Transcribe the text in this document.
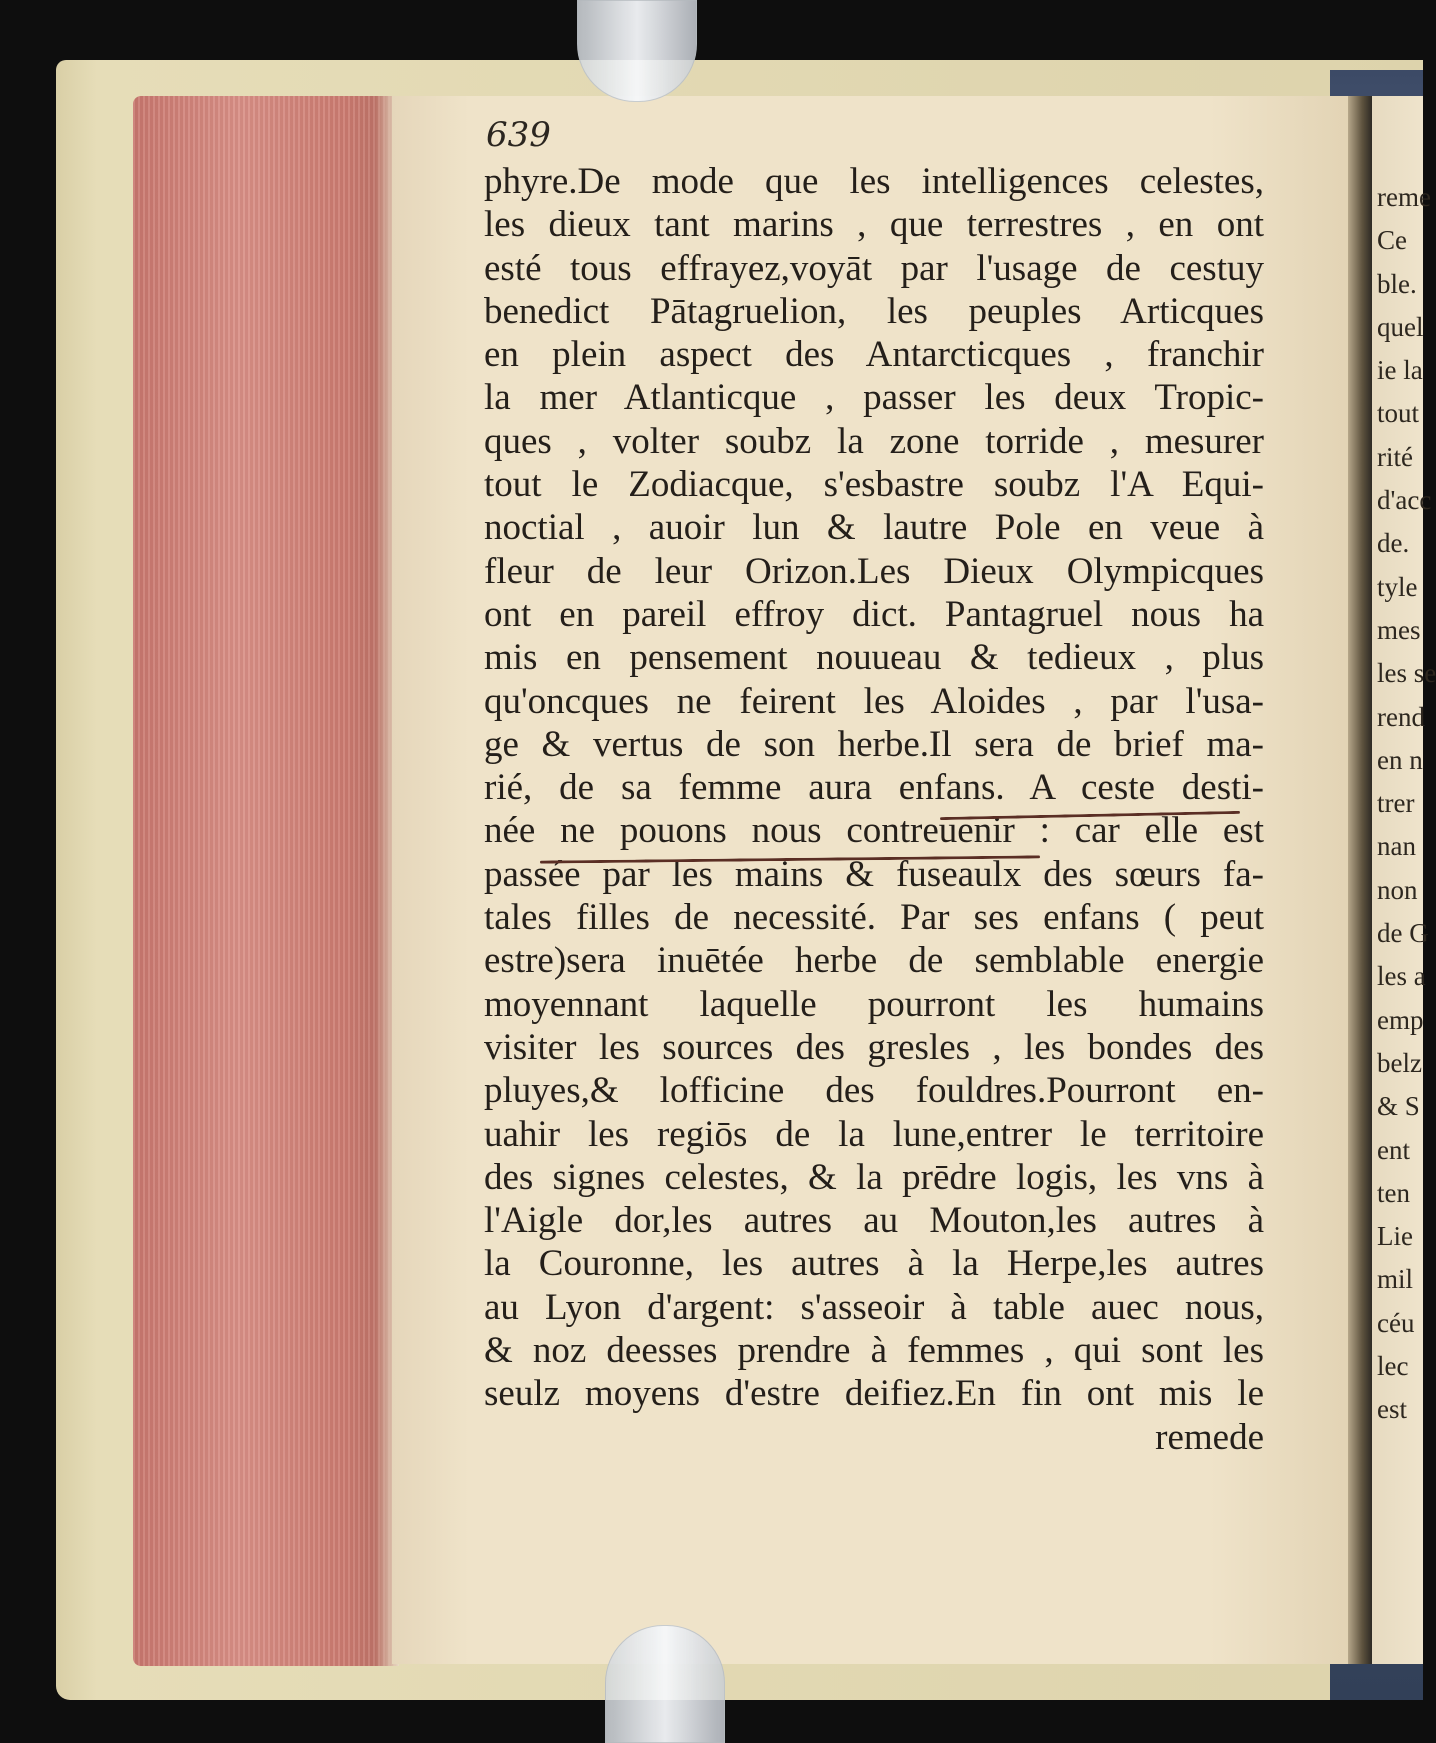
639
phyre.De mode que les intelligences celestes,
les dieux tant marins , que terrestres , en ont
esté tous effrayez,voyāt par l'usage de cestuy
benedict Pātagruelion, les peuples Articques
en plein aspect des Antarcticques , franchir
la mer Atlanticque , passer les deux Tropic-
ques , volter soubz la zone torride , mesurer
tout le Zodiacque, s'esbastre soubz l'A Equi-
noctial , auoir lun & lautre Pole en veue à
fleur de leur Orizon.Les Dieux Olympicques
ont en pareil effroy dict. Pantagruel nous ha
mis en pensement nouueau & tedieux , plus
qu'oncques ne feirent les Aloides , par l'usa-
ge & vertus de son herbe.Il sera de brief ma-
rié, de sa femme aura enfans. A ceste desti-
née ne pouons nous contreuenir : car elle est
passée par les mains & fuseaulx des sœurs fa-
tales filles de necessité. Par ses enfans ( peut
estre)sera inuētée herbe de semblable energie
moyennant laquelle pourront les humains
visiter les sources des gresles , les bondes des
pluyes,& lofficine des fouldres.Pourront en-
uahir les regiōs de la lune,entrer le territoire
des signes celestes, & la prēdre logis, les vns à
l'Aigle dor,les autres au Mouton,les autres à
la Couronne, les autres à la Herpe,les autres
au Lyon d'argent: s'asseoir à table auec nous,
& noz deesses prendre à femmes , qui sont les
seulz moyens d'estre deifiez.En fin ont mis le
remede
reme
Ce
ble.
quel
ie la
tout
rité
d'acc
de.
tyle
mes
les se
rend
en n
trer
nan
non
de G
les a
emp
belz
& S
ent
ten
Lie
mil
céu
lec
est
